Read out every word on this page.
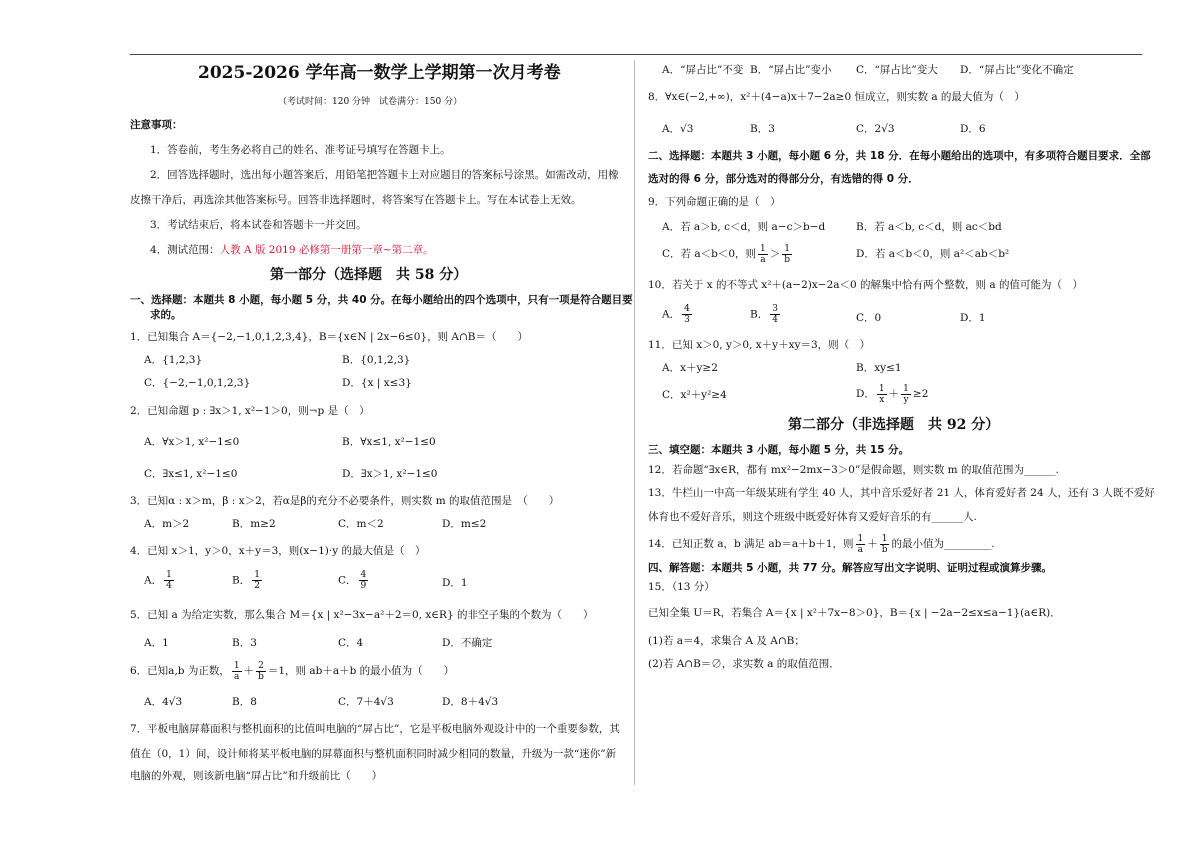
2025-2026 学年高一数学上学期第一次月考卷
（考试时间：120 分钟　试卷满分：150 分）
注意事项：
1．答卷前，考生务必将自己的姓名、准考证号填写在答题卡上。
2．回答选择题时，选出每小题答案后，用铅笔把答题卡上对应题目的答案标号涂黑。如需改动，用橡
皮擦干净后，再选涂其他答案标号。回答非选择题时，将答案写在答题卡上。写在本试卷上无效。
3．考试结束后，将本试卷和答题卡一并交回。
4．测试范围：人教 A 版 2019 必修第一册第一章~第二章。
第一部分（选择题　共 58 分）
一、选择题：本题共 8 小题，每小题 5 分，共 40 分。在每小题给出的四个选项中，只有一项是符合题目要
求的。
1．已知集合 A＝{−2,−1,0,1,2,3,4}，B＝{x∈N | 2x−6≤0}，则 A∩B＝（　　）
A．{1,2,3}	B．{0,1,2,3}
C．{−2,−1,0,1,2,3}	D．{x | x≤3}
2．已知命题 p : ∃x＞1, x²−1＞0，则¬p 是（　）
A．∀x＞1, x²−1≤0	B．∀x≤1, x²−1≤0
C．∃x≤1, x²−1≤0	D．∃x＞1, x²−1≤0
3．已知α : x＞m，β : x＞2，若α是β的充分不必要条件，则实数 m 的取值范围是　（　　）
A．m＞2	B．m≥2	C．m＜2	D．m≤2
4．已知 x＞1，y＞0，x＋y＝3，则(x−1)·y 的最大值是（　）
A． $\frac{1}{4}$	B． $\frac{1}{2}$	C． $\frac{4}{9}$	D．1
5．已知 a 为给定实数，那么集合 M＝{x | x²−3x−a²＋2＝0, x∈R} 的非空子集的个数为（　　）
A．1	B．3	C．4	D．不确定
6．已知a,b 为正数， $\frac{1}{a} + \frac{2}{b} =1$，则 ab＋a＋b 的最小值为（　　）
A．4√3	B．8	C．7＋4√3	D．8＋4√3
7．平板电脑屏幕面积与整机面积的比值叫电脑的“屏占比”，它是平板电脑外观设计中的一个重要参数，其
值在（0，1）间，设计师将某平板电脑的屏幕面积与整机面积同时减少相同的数量，升级为一款“迷你”新
电脑的外观，则该新电脑“屏占比”和升级前比（　　）
A．“屏占比”不变 B．“屏占比”变小 C．“屏占比”变大 D．“屏占比”变化不确定
8．∀x∈(−2,+∞)，x²＋(4−a)x＋7−2a≥0 恒成立，则实数 a 的最大值为（　）
A．√3	B．3	C．2√3	D．6
二、选择题：本题共 3 小题，每小题 6 分，共 18 分．在每小题给出的选项中，有多项符合题目要求．全部
选对的得 6 分，部分选对的得部分分，有选错的得 0 分．
9．下列命题正确的是（　）
A．若 a＞b, c＜d，则 a−c＞b−d	B．若 a＜b, c＜d，则 ac＜bd
C．若 a＜b＜0，则 $\frac{1}{a} > \frac{1}{b}$	D．若 a＜b＜0，则 a²＜ab＜b²
10．若关于 x 的不等式 x²＋(a−2)x−2a＜0 的解集中恰有两个整数，则 a 的值可能为（　）
A． $\frac{4}{3}$	B． $\frac{3}{4}$	C．0	D．1
11．已知 x＞0, y＞0, x＋y＋xy＝3，则（　）
A．x＋y≥2	B．xy≤1
C．x²＋y²≥4	D． $\frac{1}{x} + \frac{1}{y} \ge 2$
第二部分（非选择题　共 92 分）
三、填空题：本题共 3 小题，每小题 5 分，共 15 分。
12．若命题“∃x∈R，都有 mx²−2mx−3＞0”是假命题，则实数 m 的取值范围为______.
13．牛栏山一中高一年级某班有学生 40 人，其中音乐爱好者 21 人，体育爱好者 24 人，还有 3 人既不爱好
体育也不爱好音乐，则这个班级中既爱好体育又爱好音乐的有______人.
14．已知正数 a，b 满足 ab＝a＋b＋1，则 $\frac{1}{a} + \frac{1}{b}$ 的最小值为_________.
四、解答题：本题共 5 小题，共 77 分。解答应写出文字说明、证明过程或演算步骤。
15．（13 分）
已知全集 U＝R，若集合 A＝{x | x²＋7x−8＞0}，B＝{x | −2a−2≤x≤a−1}(a∈R)．
(1)若 a＝4，求集合 A 及 A∩B；
(2)若 A∩B＝∅，求实数 a 的取值范围．
